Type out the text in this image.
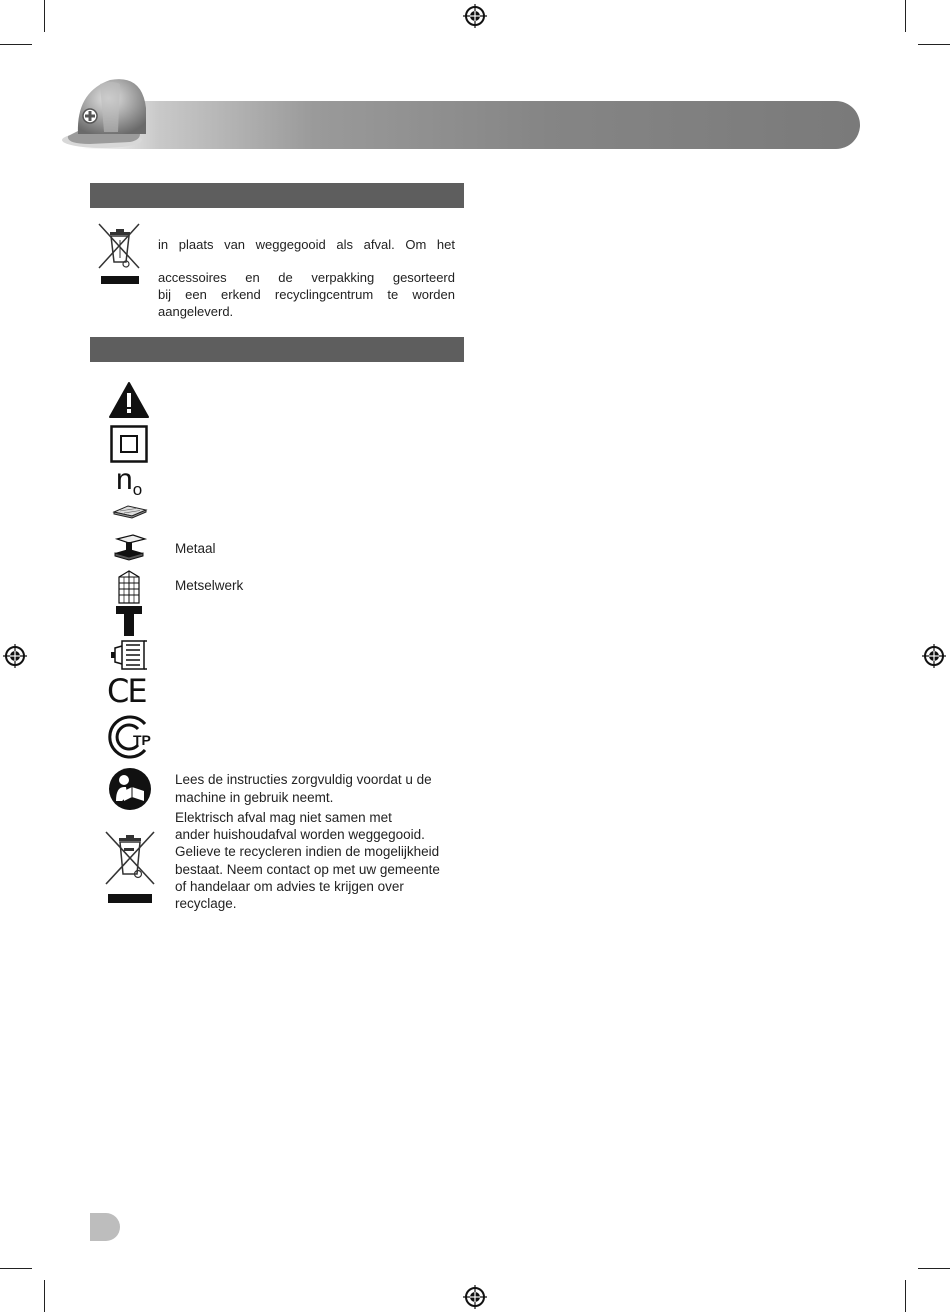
in plaats van weggegooid als afval. Om het
accessoires en de verpakking gesorteerd
bij een erkend recyclingcentrum te worden
aangeleverd.
no
Metaal
Metselwerk
CE
TP
Lees de instructies zorgvuldig voordat u de
machine in gebruik neemt.
Elektrisch afval mag niet samen met
ander huishoudafval worden weggegooid.
Gelieve te recycleren indien de mogelijkheid
bestaat. Neem contact op met uw gemeente
of handelaar om advies te krijgen over
recyclage.
